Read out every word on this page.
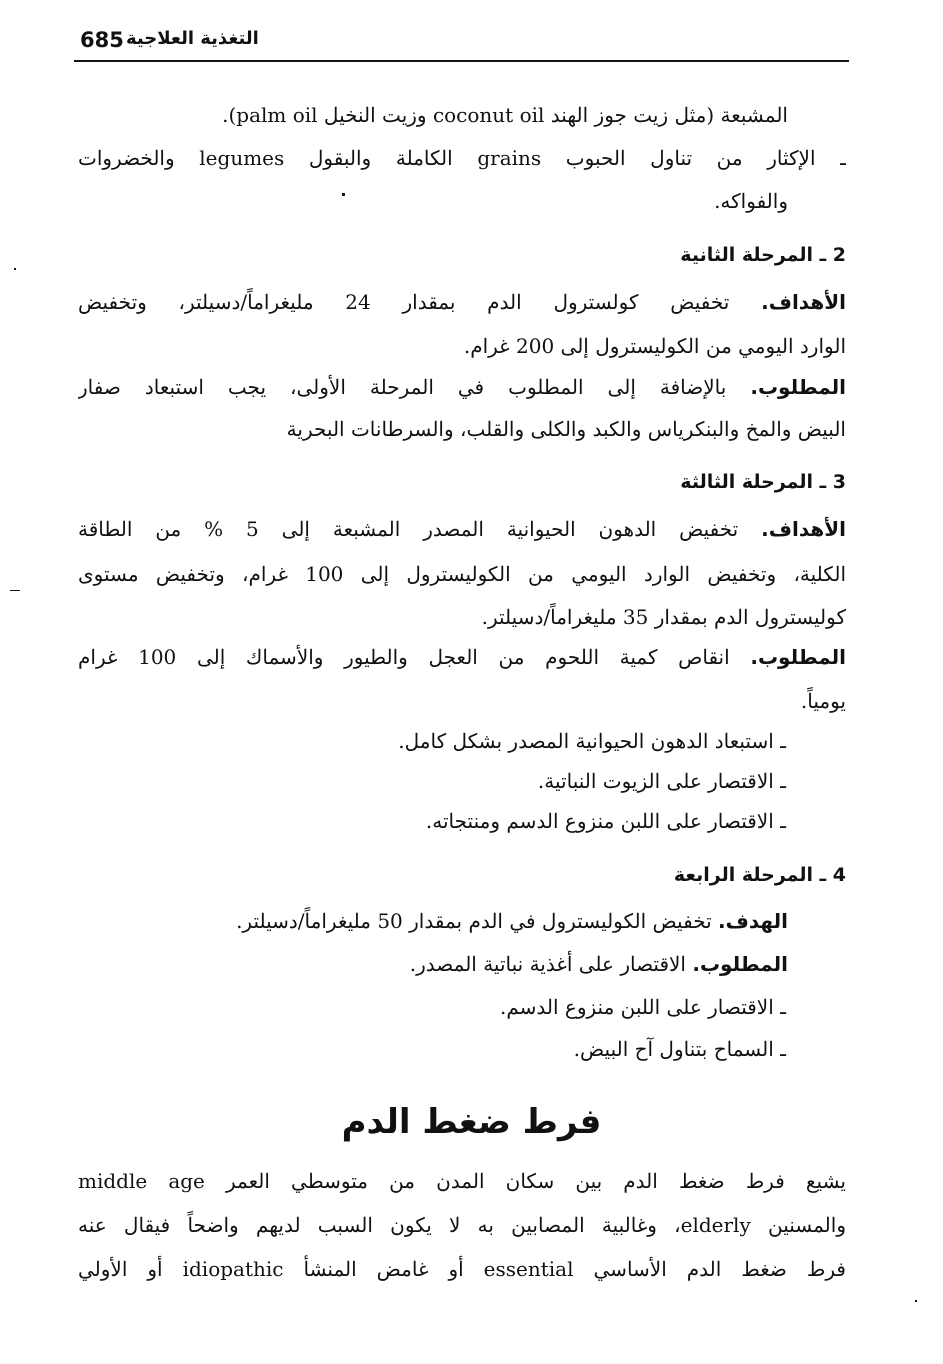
685 التغذية العلاجية
المشبعة (مثل زيت جوز الهند coconut oil وزيت النخيل palm oil).
ـ الإكثار من تناول الحبوب grains الكاملة والبقول legumes والخضروات
والفواكه.
2 ـ المرحلة الثانية
الأهداف. تخفيض كولسترول الدم بمقدار 24 مليغراماً/دسيلتر، وتخفيض
الوارد اليومي من الكوليسترول إلى 200 غرام.
المطلوب. بالإضافة إلى المطلوب في المرحلة الأولى، يجب استبعاد صفار
البيض والمخ والبنكرياس والكبد والكلى والقلب، والسرطانات البحرية
3 ـ المرحلة الثالثة
الأهداف. تخفيض الدهون الحيوانية المصدر المشبعة إلى 5 % من الطاقة
الكلية، وتخفيض الوارد اليومي من الكوليسترول إلى 100 غرام، وتخفيض مستوى
كوليسترول الدم بمقدار 35 مليغراماً/دسيلتر.
المطلوب. انقاص كمية اللحوم من العجل والطيور والأسماك إلى 100 غرام
يومياً.
ـ استبعاد الدهون الحيوانية المصدر بشكل كامل.
ـ الاقتصار على الزيوت النباتية.
ـ الاقتصار على اللبن منزوع الدسم ومنتجاته.
4 ـ المرحلة الرابعة
الهدف. تخفيض الكوليسترول في الدم بمقدار 50 مليغراماً/دسيلتر.
المطلوب. الاقتصار على أغذية نباتية المصدر.
ـ الاقتصار على اللبن منزوع الدسم.
ـ السماح بتناول آح البيض.
فرط ضغط الدم
يشيع فرط ضغط الدم بين سكان المدن من متوسطي العمر middle age
والمسنين elderly، وغالبية المصابين به لا يكون السبب لديهم واضحاً فيقال عنه
فرط ضغط الدم الأساسي essential أو غامض المنشأ idiopathic أو الأولي
